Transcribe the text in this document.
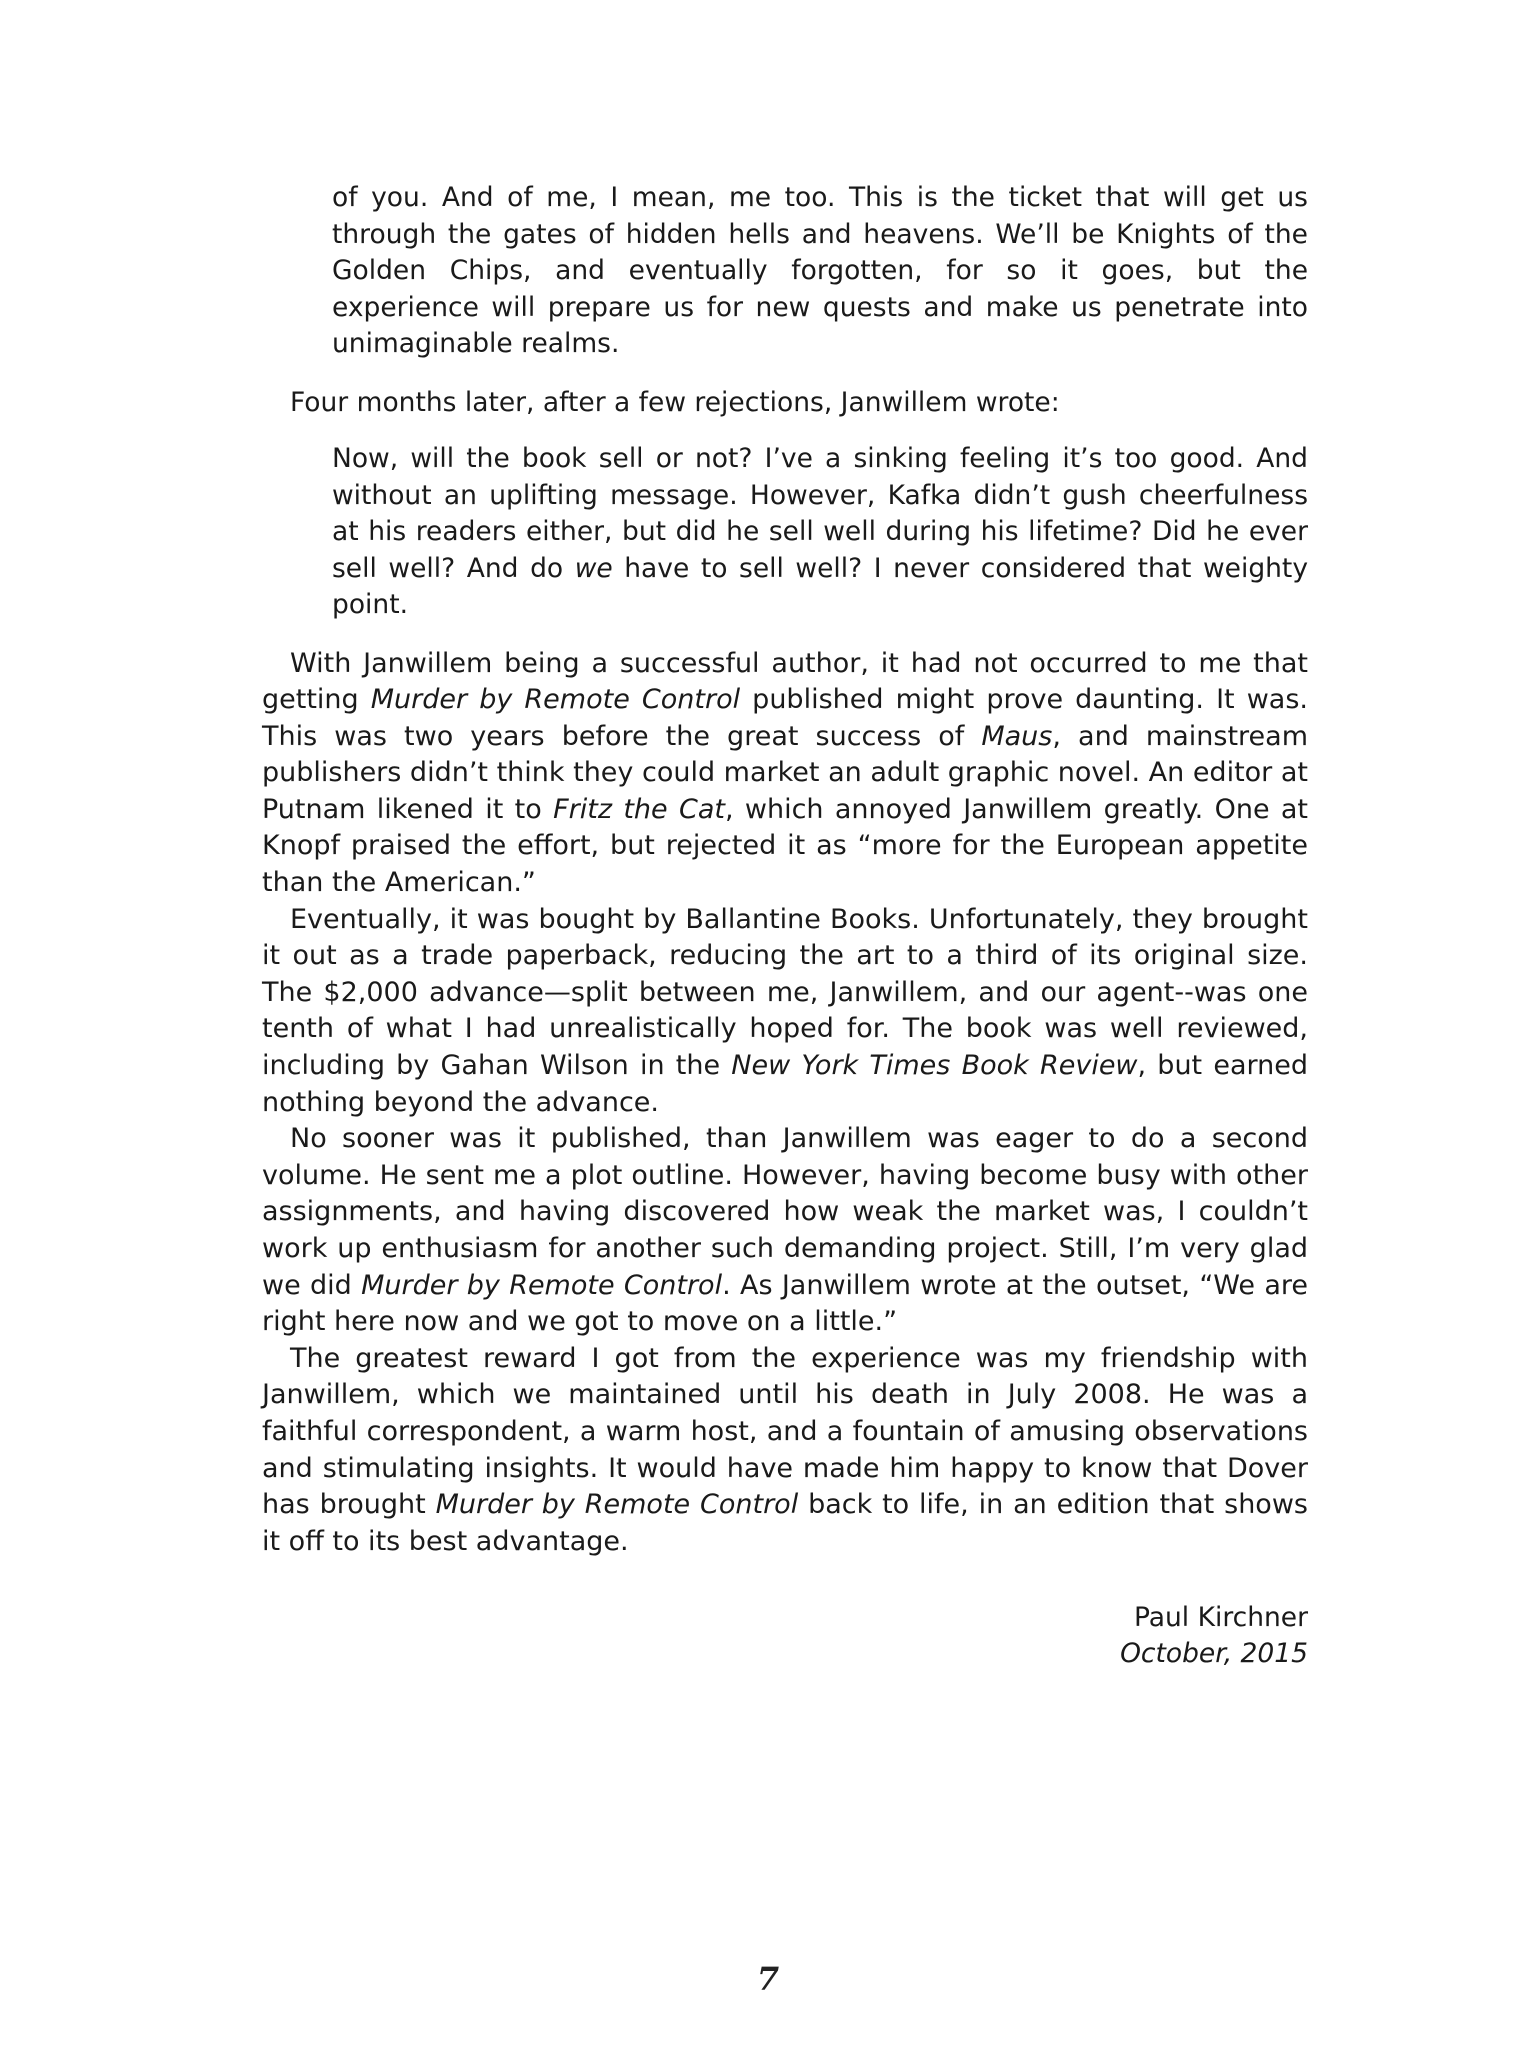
of you. And of me, I mean, me too. This is the ticket that will get us through the gates of hidden hells and heavens. We’ll be Knights of the Golden Chips, and eventually forgotten, for so it goes, but the experience will prepare us for new quests and make us penetrate into unimaginable realms.

Four months later, after a few rejections, Janwillem wrote:

Now, will the book sell or not? I’ve a sinking feeling it’s too good. And without an uplifting message. However, Kafka didn’t gush cheerfulness at his readers either, but did he sell well during his lifetime? Did he ever sell well? And do we have to sell well? I never considered that weighty point.

With Janwillem being a successful author, it had not occurred to me that getting Murder by Remote Control published might prove daunting. It was. This was two years before the great success of Maus, and mainstream publishers didn’t think they could market an adult graphic novel. An editor at Putnam likened it to Fritz the Cat, which annoyed Janwillem greatly. One at Knopf praised the effort, but rejected it as “more for the European appetite than the American.”

Eventually, it was bought by Ballantine Books. Unfortunately, they brought it out as a trade paperback, reducing the art to a third of its original size. The $2,000 advance—split between me, Janwillem, and our agent--was one tenth of what I had unrealistically hoped for. The book was well reviewed, including by Gahan Wilson in the New York Times Book Review, but earned nothing beyond the advance.

No sooner was it published, than Janwillem was eager to do a second volume. He sent me a plot outline. However, having become busy with other assignments, and having discovered how weak the market was, I couldn’t work up enthusiasm for another such demanding project. Still, I’m very glad we did Murder by Remote Control. As Janwillem wrote at the outset, “We are right here now and we got to move on a little.”

The greatest reward I got from the experience was my friendship with Janwillem, which we maintained until his death in July 2008. He was a faithful correspondent, a warm host, and a fountain of amusing observations and stimulating insights. It would have made him happy to know that Dover has brought Murder by Remote Control back to life, in an edition that shows it off to its best advantage.

Paul Kirchner
October, 2015
7
